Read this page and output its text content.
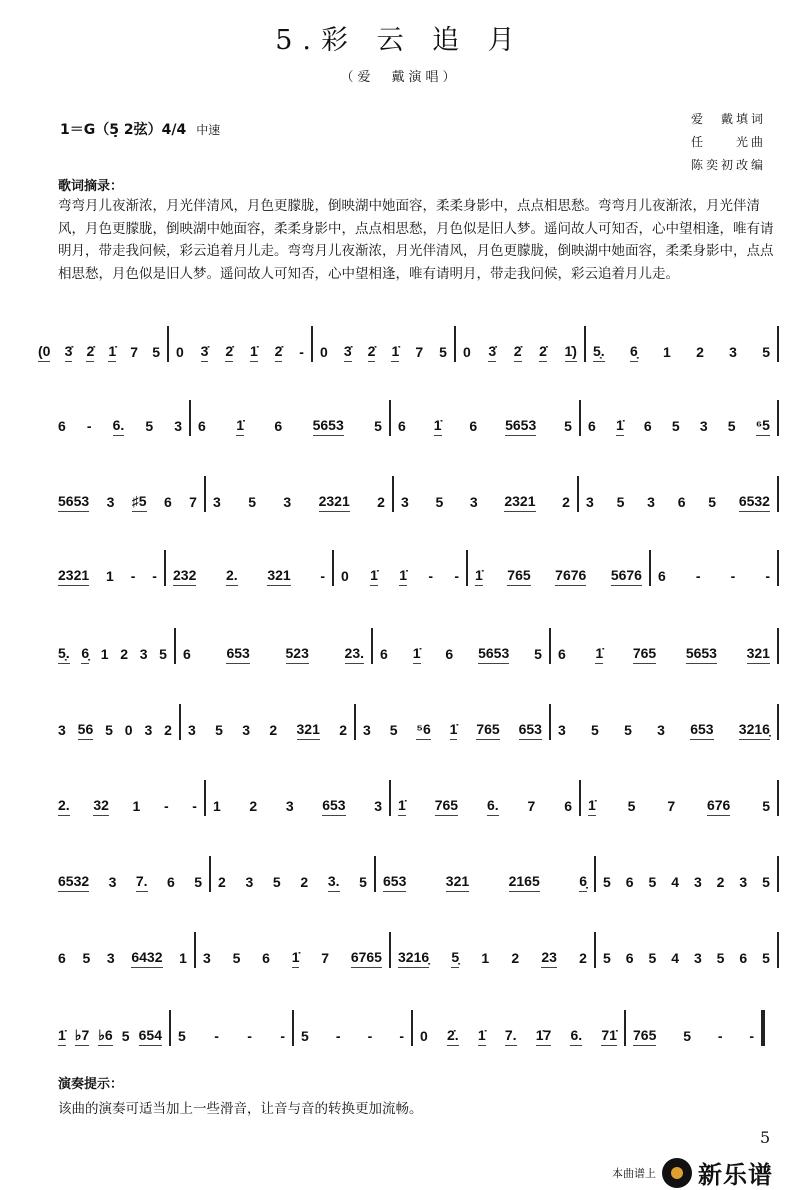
5.彩 云 追 月
（爱　戴演唱）
1＝G（5̣ 2弦）4/4 中速
爱　戴填词
任　　光曲
陈奕初改编
歌词摘录：
弯弯月儿夜渐浓，月光伴清风，月色更朦胧，倒映湖中她面容，柔柔身影中，点点相思愁。弯弯月儿夜渐浓，月光伴清风，月色更朦胧，倒映湖中她面容，柔柔身影中，点点相思愁，月色似是旧人梦。遥问故人可知否，心中望相逢，唯有请明月，带走我问候，彩云追着月儿走。弯弯月儿夜渐浓，月光伴清风，月色更朦胧，倒映湖中她面容，柔柔身影中，点点相思愁，月色似是旧人梦。遥问故人可知否，心中望相逢，唯有请明月，带走我问候，彩云追着月儿走。
(0 3̇ 2̇ 1̇ 7 5 0 3̇ 2̇ 1̇ 2̇ - 0 3̇ 2̇ 1̇ 7 5 0 3̇ 2̇ 2̇ 1̇) 5̣. 6̣ 1 2 3 5
6 - 6. 5 3 6 1̇ 6 5653 5 6 1̇ 6 5653 5 6 1̇ 6 5 3 5 ⁶5
5653 3 ♯5 6 7 3 5 3 2321 2 3 5 3 2321 2 3 5 3 6 5 6532
2321 1 - - 232 2. 321 - 0 1̇ 1̇ - - 1̇ 765 7676 5676 6 - - -
5̣. 6̣ 1 2 3 5 6	653	523	23. 6 1̇ 6 5653 5 6 1̇ 765 5653 321
3 56 5 0 3 2 3 5 3 2 321 2 3 5 ⁵6 1̇ 765 653 3 5 5 3 653 3216̣
2. 32 1 - - 1 2 3 653 3 1̇ 765 6. 7 6 1̇ 5 7 676 5
6532 3 7. 6 5 2 3 5 2 3. 5 653	321	2165	6̣ 5 6 5 4 3 2 3 5
6 5 3 6432 1 3 5 6 1̇ 7 6765 3216̣ 5̣ 1 2 23 2 5 6 5 4 3 5 6 5
1̇ ♭7 ♭6 5 654 5 - - - 5 - - - 0 2̇. 1̇ 7. 1̇7 6. 71̇ 765 5 - -
演奏提示：
该曲的演奏可适当加上一些滑音，让音与音的转换更加流畅。
5
本曲谱上 新乐谱
